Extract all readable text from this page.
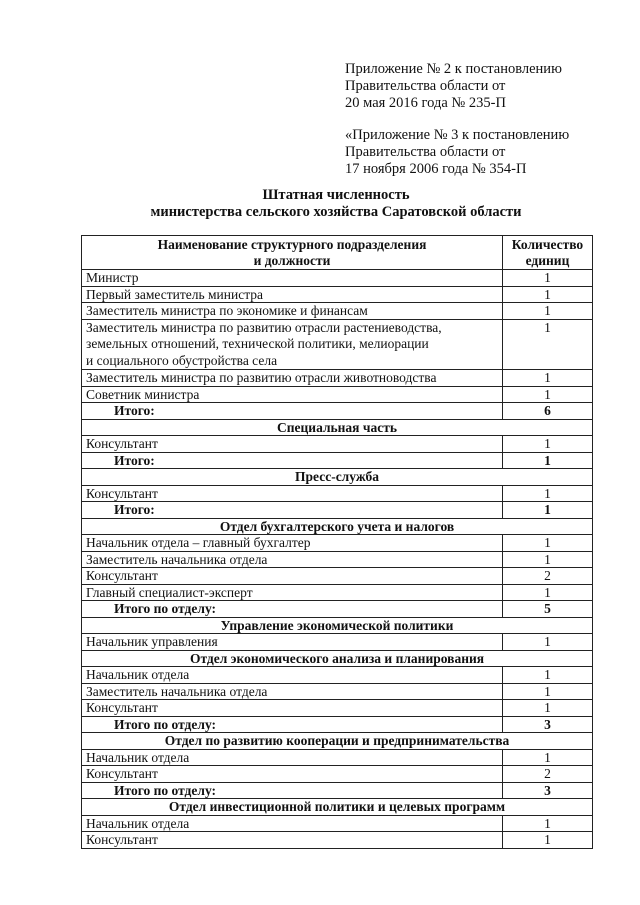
Приложение № 2 к постановлению
Правительства области от
20 мая 2016 года № 235-П
«Приложение № 3 к постановлению
Правительства области от
17 ноября 2006 года № 354-П
Штатная численность
министерства сельского хозяйства Саратовской области
Наименование структурного подразделения
и должности	Количество
единиц
Министр	1
Первый заместитель министра	1
Заместитель министра по экономике и финансам	1
Заместитель министра по развитию отрасли растениеводства,
земельных отношений, технической политики, мелиорации
и социального обустройства села	1
Заместитель министра по развитию отрасли животноводства	1
Советник министра	1
Итого:	6
Специальная часть	
Консультант	1
Итого:	1
Пресс-служба	
Консультант	1
Итого:	1
Отдел бухгалтерского учета и налогов	
Начальник отдела – главный бухгалтер	1
Заместитель начальника отдела	1
Консультант	2
Главный специалист-эксперт	1
Итого по отделу:	5
Управление экономической политики	
Начальник управления	1
Отдел экономического анализа и планирования	
Начальник отдела	1
Заместитель начальника отдела	1
Консультант	1
Итого по отделу:	3
Отдел по развитию кооперации и предпринимательства	
Начальник отдела	1
Консультант	2
Итого по отделу:	3
Отдел инвестиционной политики и целевых программ	
Начальник отдела	1
Консультант	1
